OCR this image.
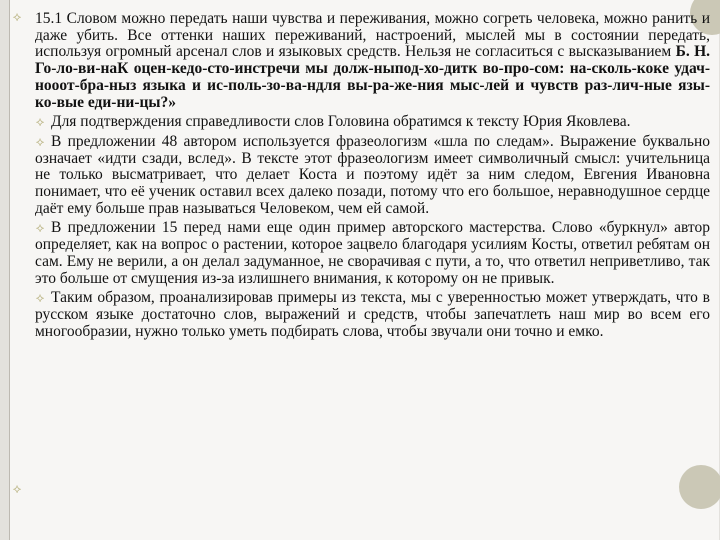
⟡ 15.1 Словом можно передать наши чувства и переживания, можно согреть человека, можно ранить и даже убить. Все оттенки наших переживаний, настроений, мыслей мы в состоянии передать, используя огромный арсенал слов и языковых средств. Нельзя не согласиться с высказыванием Б. Н. Го-ло-ви-наК оцен-кедо-сто-инстречи мы долж-ныпод-хо-дитк во-про-сом: на-сколь-кокe удач-нооот-бра-ныз языка и ис-поль-зо-ва-ндля вы-ра-же-ния мыс-лей и чувств раз-лич-ные язы-ко-вые еди-ни-цы?»

⟡ Для подтверждения справедливости слов Головина обратимся к тексту Юрия Яковлева.

⟡ В предложении 48 автором используется фразеологизм «шла по следам». Выражение буквально означает «идти сзади, вслед». В тексте этот фразеологизм имеет символичный смысл: учительница не только высматривает, что делает Коста и поэтому идёт за ним следом, Евгения Ивановна понимает, что её ученик оставил всех далеко позади, потому что его большое, неравнодушное сердце даёт ему больше прав называться Человеком, чем ей самой.

⟡ В предложении 15 перед нами еще один пример авторского мастерства. Слово «буркнул» автор определяет, как на вопрос о растении, которое зацвело благодаря усилиям Косты, ответил ребятам он сам. Ему не верили, а он делал задуманное, не сворачивая с пути, а то, что ответил неприветливо, так это больше от смущения из-за излишнего внимания, к которому он не привык.

⟡ Таким образом, проанализировав примеры из текста, мы с уверенностью может утверждать, что в русском языке достаточно слов, выражений и средств, чтобы запечатлеть наш мир во всем его многообразии, нужно только уметь подбирать слова, чтобы звучали они точно и емко.

⟡
